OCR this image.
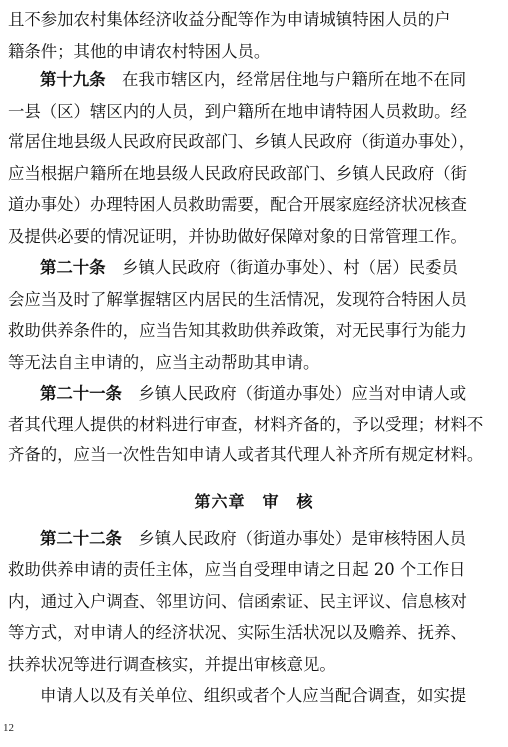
且不参加农村集体经济收益分配等作为申请城镇特困人员的户
籍条件；其他的申请农村特困人员。
第十九条　在我市辖区内，经常居住地与户籍所在地不在同
一县（区）辖区内的人员，到户籍所在地申请特困人员救助。经
常居住地县级人民政府民政部门、乡镇人民政府（街道办事处），
应当根据户籍所在地县级人民政府民政部门、乡镇人民政府（街
道办事处）办理特困人员救助需要，配合开展家庭经济状况核查
及提供必要的情况证明，并协助做好保障对象的日常管理工作。
第二十条　乡镇人民政府（街道办事处）、村（居）民委员
会应当及时了解掌握辖区内居民的生活情况，发现符合特困人员
救助供养条件的，应当告知其救助供养政策，对无民事行为能力
等无法自主申请的，应当主动帮助其申请。
第二十一条　乡镇人民政府（街道办事处）应当对申请人或
者其代理人提供的材料进行审查，材料齐备的，予以受理；材料不
齐备的，应当一次性告知申请人或者其代理人补齐所有规定材料。
第六章　审　核
第二十二条　乡镇人民政府（街道办事处）是审核特困人员
救助供养申请的责任主体，应当自受理申请之日起 20 个工作日
内，通过入户调查、邻里访问、信函索证、民主评议、信息核对
等方式，对申请人的经济状况、实际生活状况以及赡养、抚养、
扶养状况等进行调查核实，并提出审核意见。
申请人以及有关单位、组织或者个人应当配合调查，如实提
12
